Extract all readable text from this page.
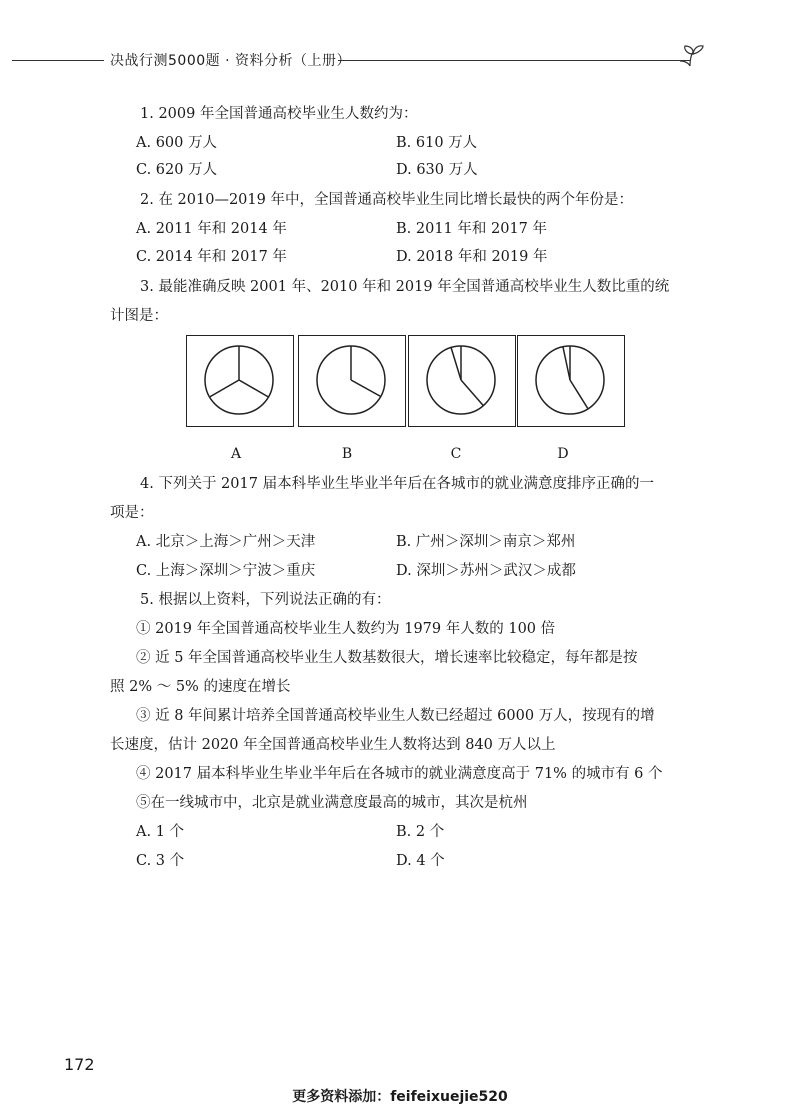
决战行测5000题 · 资料分析（上册）
1. 2009 年全国普通高校毕业生人数约为：
A. 600 万人	B. 610 万人
C. 620 万人	D. 630 万人
2. 在 2010—2019 年中，全国普通高校毕业生同比增长最快的两个年份是：
A. 2011 年和 2014 年	B. 2011 年和 2017 年
C. 2014 年和 2017 年	D. 2018 年和 2019 年
3. 最能准确反映 2001 年、2010 年和 2019 年全国普通高校毕业生人数比重的统
计图是：
A	B	C	D
4. 下列关于 2017 届本科毕业生毕业半年后在各城市的就业满意度排序正确的一
项是：
A. 北京＞上海＞广州＞天津	B. 广州＞深圳＞南京＞郑州
C. 上海＞深圳＞宁波＞重庆	D. 深圳＞苏州＞武汉＞成都
5. 根据以上资料，下列说法正确的有：
① 2019 年全国普通高校毕业生人数约为 1979 年人数的 100 倍
② 近 5 年全国普通高校毕业生人数基数很大，增长速率比较稳定，每年都是按
照 2% ～ 5% 的速度在增长
③ 近 8 年间累计培养全国普通高校毕业生人数已经超过 6000 万人，按现有的增
长速度，估计 2020 年全国普通高校毕业生人数将达到 840 万人以上
④ 2017 届本科毕业生毕业半年后在各城市的就业满意度高于 71% 的城市有 6 个
⑤在一线城市中，北京是就业满意度最高的城市，其次是杭州
A. 1 个	B. 2 个
C. 3 个	D. 4 个
172
更多资料添加：feifeixuejie520
